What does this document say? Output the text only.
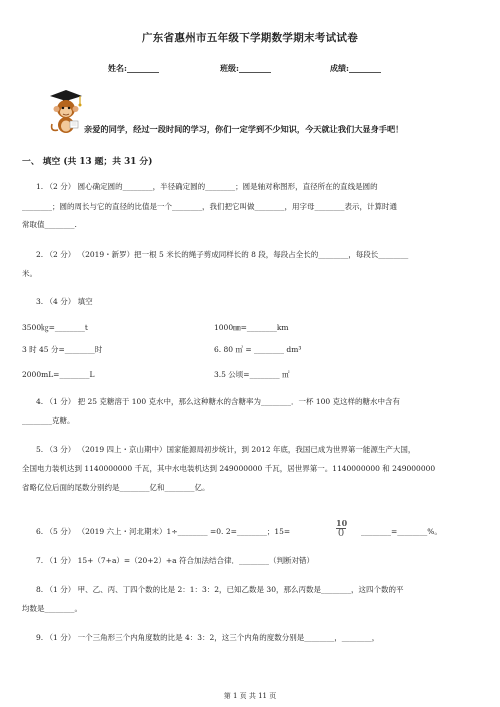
广东省惠州市五年级下学期数学期末考试试卷
姓名:________	班级:________	成绩:________
亲爱的同学，经过一段时间的学习，你们一定学到不少知识，今天就让我们大显身手吧！
一、 填空 (共 13 题；共 31 分)
1. （2 分） 圆心确定圆的________，半径确定圆的________；圆是轴对称图形，直径所在的直线是圆的
________；圆的周长与它的直径的比值是一个________，我们把它叫做________，用字母________表示，计算时通
常取值________.
2. （2 分） （2019・新罗）把一根 5 米长的绳子剪成同样长的 8 段，每段占全长的________，每段长________
米。
3. （4 分） 填空
3500㎏=________t	1000㎜=________km
3 时 45 分=________时	6. 80 ㎥ = ________ dm³
2000mL=________L	3.5 公顷=________ ㎡
4. （1 分） 把 25 克糖溶于 100 克水中，那么这种糖水的含糖率为________．一杯 100 克这样的糖水中含有
________克糖。
5. （3 分） （2019 四上・京山期中）国家能源局初步统计，到 2012 年底，我国已成为世界第一能源生产大国，
全国电力装机达到 1140000000 千瓦，其中水电装机达到 249000000 千瓦，居世界第一。1140000000 和 249000000
省略亿位后面的尾数分别约是________亿和________亿。
6. （5 分） （2019 六上・河北期末）1÷________ =0. 2=________；15=
10
0 ________=________%。
7. （1 分） 15+（7+a）=（20+2）+a 符合加法结合律．________（判断对错）
8. （1 分） 甲、乙、丙、丁四个数的比是 2：1：3：2，已知乙数是 30，那么丙数是________，这四个数的平
均数是________。
9. （1 分） 一个三角形三个内角度数的比是 4：3：2，这三个内角的度数分别是________，________，
第 1 页 共 11 页
